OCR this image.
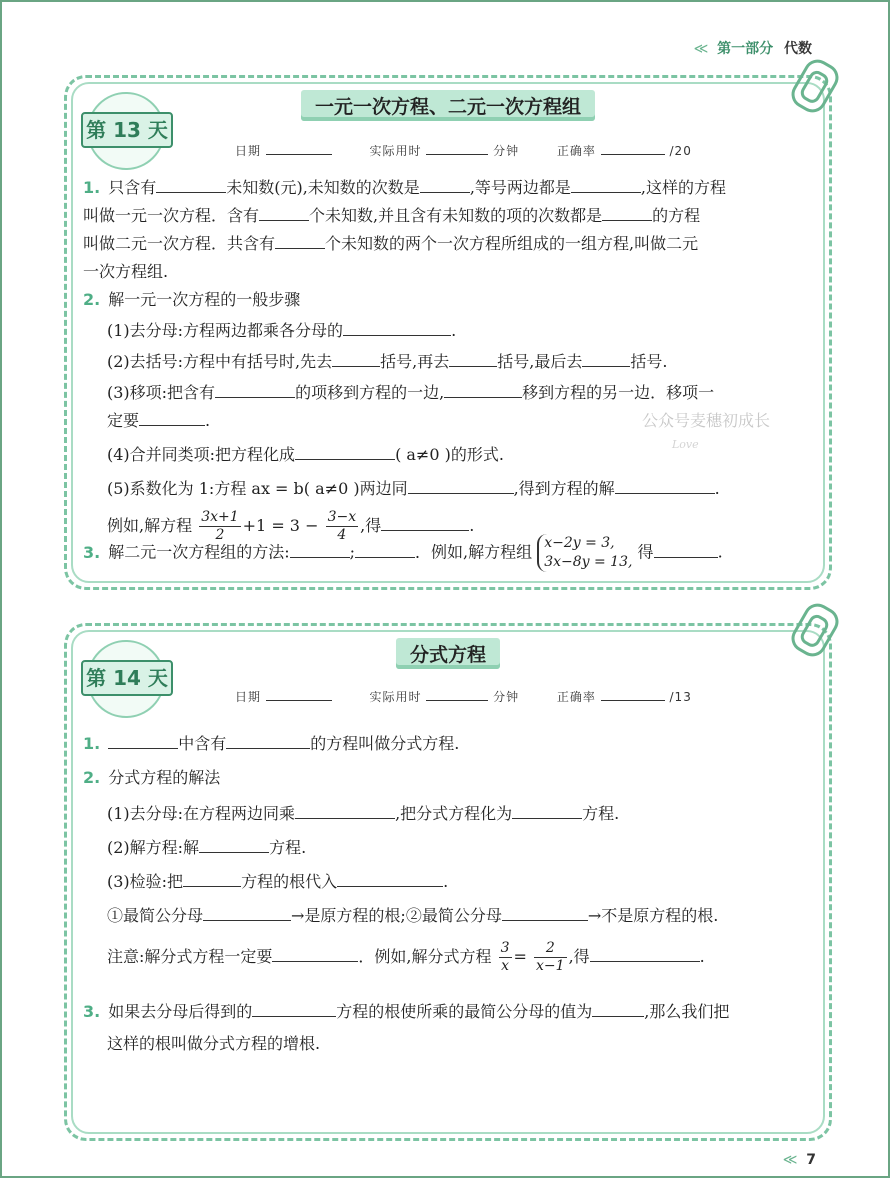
≪ 第一部分 代数
第 13 天
一元一次方程、二元一次方程组
日期	实际用时	分钟	正确率	/20
1. 只含有	未知数(元),未知数的次数是	,等号两边都是	,这样的方程
叫做一元一次方程．含有	个未知数,并且含有未知数的项的次数都是	的方程
叫做二元一次方程．共含有	个未知数的两个一次方程所组成的一组方程,叫做二元
一次方程组.
2. 解一元一次方程的一般步骤
(1)去分母:方程两边都乘各分母的	.
(2)去括号:方程中有括号时,先去	括号,再去	括号,最后去	括号.
(3)移项:把含有	的项移到方程的一边,	移到方程的另一边．移项一
定要	.
(4)合并同类项:把方程化成	( a≠0 )的形式.
(5)系数化为 1:方程 ax = b( a≠0 )两边同	,得到方程的解	.
例如,解方程 $\frac{3x+1}{2} +1 = 3 - \frac{3-x}{4}$ ,得	.
3. 解二元一次方程组的方法:	;	．例如,解方程组 x−2y = 3,
3x−8y = 13,
得	.
公众号麦穗初成长
Love
第 14 天
分式方程
日期	实际用时	分钟	正确率	/13
1.	中含有	的方程叫做分式方程.
2. 分式方程的解法
(1)去分母:在方程两边同乘	,把分式方程化为	方程.
(2)解方程:解	方程.
(3)检验:把	方程的根代入	.
①最简公分母	→是原方程的根;②最简公分母	→不是原方程的根.
注意:解分式方程一定要	．例如,解分式方程 $\frac{3}{x} = \frac{2}{x-1}$ ,得	.
3. 如果去分母后得到的	方程的根使所乘的最简公分母的值为	,那么我们把
这样的根叫做分式方程的增根.
≪ 7
